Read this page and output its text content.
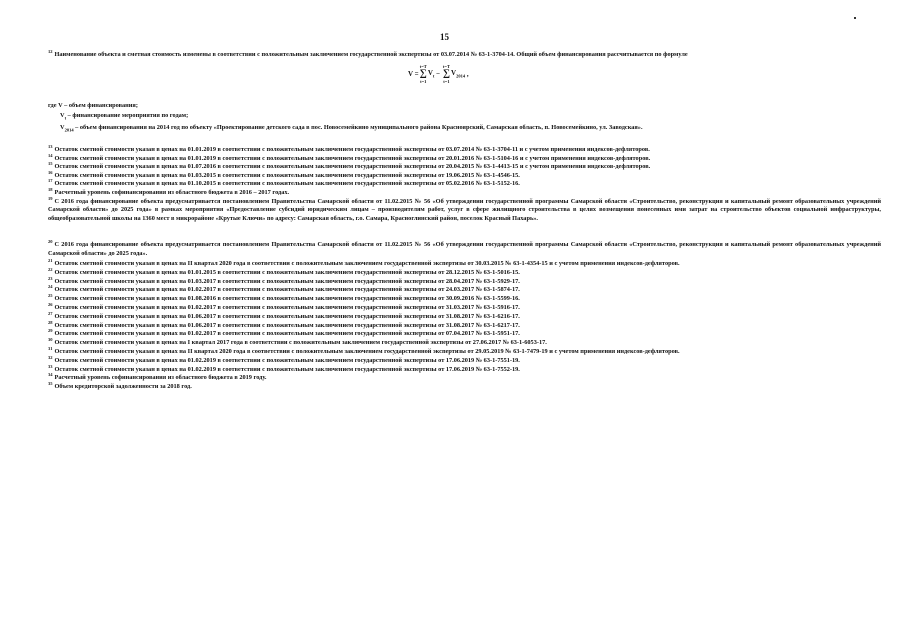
15
$^{12}$ Наименование объекта и сметная стоимость изменены в соответствии с положительным заключением государственной экспертизы от 03.07.2014 № 63-1-3704-14. Общий объем финансирования рассчитывается по формуле
V =
t=T
∑
t=1
$V_t$ −
t=T
∑
t=1
$V_{2014}$ ,
где V – объем финансирования;
$V_t$ – финансирование мероприятия по годам;
$V_{2014}$ – объем финансирования на 2014 год по объекту «Проектирование детского сада в пос. Новосемейкино муниципального района Красноярский, Самарская область, п. Новосемейкино, ул. Заводская».
$^{13}$ Остаток сметной стоимости указан в ценах на 01.01.2019 в соответствии с положительным заключением государственной экспертизы от 03.07.2014 № 63-1-3704-11 и с учетом применения индексов-дефляторов.
$^{14}$ Остаток сметной стоимости указан в ценах на 01.01.2019 в соответствии с положительным заключением государственной экспертизы от 20.01.2016 № 63-1-5104-16 и с учетом применения индексов-дефляторов.
$^{15}$ Остаток сметной стоимости указан в ценах на 01.07.2016 в соответствии с положительным заключением государственной экспертизы от 20.04.2015 № 63-1-4413-15 и с учетом применения индексов-дефляторов.
$^{16}$ Остаток сметной стоимости указан в ценах на 01.03.2015 в соответствии с положительным заключением государственной экспертизы от 19.06.2015 № 63-1-4546-15.
$^{17}$ Остаток сметной стоимости указан в ценах на 01.10.2015 в соответствии с положительным заключением государственной экспертизы от 05.02.2016 № 63-1-5152-16.
$^{18}$ Расчетный уровень софинансирования из областного бюджета в 2016 – 2017 годах.
$^{19}$ С 2016 года финансирование объекта предусматривается постановлением Правительства Самарской области от 11.02.2015 № 56 «Об утверждении государственной программы Самарской области «Строительство, реконструкция и капитальный ремонт образовательных учреждений Самарской области» до 2025 года» в рамках мероприятия «Предоставление субсидий юридическим лицам – производителям работ, услуг в сфере жилищного строительства в целях возмещения понесенных ими затрат на строительство объектов социальной инфраструктуры, общеобразовательной школы на 1360 мест в микрорайоне «Крутые Ключи» по адресу: Самарская область, г.о. Самара, Красноглинский район, поселок Красный Пахарь».
$^{20}$ С 2016 года финансирование объекта предусматривается постановлением Правительства Самарской области от 11.02.2015 № 56 «Об утверждении государственной программы Самарской области «Строительство, реконструкция и капитальный ремонт образовательных учреждений Самарской области» до 2025 года».
$^{21}$ Остаток сметной стоимости указан в ценах на II квартал 2020 года в соответствии с положительным заключением государственной экспертизы от 30.03.2015 № 63-1-4354-15 и с учетом применения индексов-дефляторов.
$^{22}$ Остаток сметной стоимости указан в ценах на 01.01.2015 в соответствии с положительным заключением государственной экспертизы от 28.12.2015 № 63-1-5016-15.
$^{23}$ Остаток сметной стоимости указан в ценах на 01.03.2017 в соответствии с положительным заключением государственной экспертизы от 28.04.2017 № 63-1-5929-17.
$^{24}$ Остаток сметной стоимости указан в ценах на 01.02.2017 в соответствии с положительным заключением государственной экспертизы от 24.03.2017 № 63-1-5874-17.
$^{25}$ Остаток сметной стоимости указан в ценах на 01.08.2016 в соответствии с положительным заключением государственной экспертизы от 30.09.2016 № 63-1-5599-16.
$^{26}$ Остаток сметной стоимости указан в ценах на 01.02.2017 в соответствии с положительным заключением государственной экспертизы от 31.03.2017 № 63-1-5916-17.
$^{27}$ Остаток сметной стоимости указан в ценах на 01.06.2017 в соответствии с положительным заключением государственной экспертизы от 31.08.2017 № 63-1-6216-17.
$^{28}$ Остаток сметной стоимости указан в ценах на 01.06.2017 в соответствии с положительным заключением государственной экспертизы от 31.08.2017 № 63-1-6217-17.
$^{29}$ Остаток сметной стоимости указан в ценах на 01.02.2017 в соответствии с положительным заключением государственной экспертизы от 07.04.2017 № 63-1-5951-17.
$^{30}$ Остаток сметной стоимости указан в ценах на I квартал 2017 года в соответствии с положительным заключением государственной экспертизы от 27.06.2017 № 63-1-6053-17.
$^{31}$ Остаток сметной стоимости указан в ценах на II квартал 2020 года в соответствии с положительным заключением государственной экспертизы от 29.05.2019 № 63-1-7479-19 и с учетом применения индексов-дефляторов.
$^{32}$ Остаток сметной стоимости указан в ценах на 01.02.2019 в соответствии с положительным заключением государственной экспертизы от 17.06.2019 № 63-1-7551-19.
$^{33}$ Остаток сметной стоимости указан в ценах на 01.02.2019 в соответствии с положительным заключением государственной экспертизы от 17.06.2019 № 63-1-7552-19.
$^{34}$ Расчетный уровень софинансирования из областного бюджета в 2019 году.
$^{35}$ Объем кредиторской задолженности за 2018 год.
